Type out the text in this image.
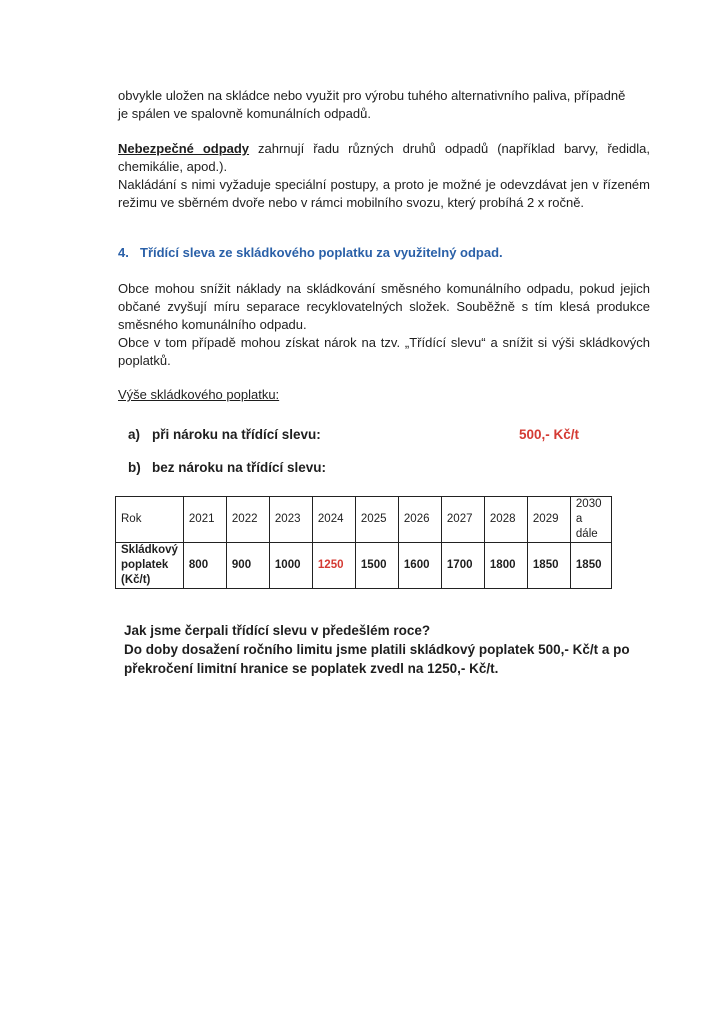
obvykle uložen na skládce nebo využit pro výrobu tuhého alternativního paliva, případně

je spálen ve spalovně komunálních odpadů.

Nebezpečné odpady zahrnují řadu různých druhů odpadů (například barvy, ředidla, chemikálie, apod.).

Nakládání s nimi vyžaduje speciální postupy, a proto je možné je odevzdávat jen v řízeném režimu ve sběrném dvoře nebo v rámci mobilního svozu, který probíhá 2 x ročně.

4. Třídící sleva ze skládkového poplatku za využitelný odpad.

Obce mohou snížit náklady na skládkování směsného komunálního odpadu, pokud jejich občané zvyšují míru separace recyklovatelných složek. Souběžně s tím klesá produkce směsného komunálního odpadu.

Obce v tom případě mohou získat nárok na tzv. „Třídící slevu“ a snížit si výši skládkových poplatků.

Výše skládkového poplatku:
a) při nároku na třídící slevu:	500,- Kč/t
b) bez nároku na třídící slevu:
Rok	2021	2022	2023	2024	2025	2026	2027	2028	2029	2030 a dále
Skládkový poplatek (Kč/t)	800	900	1000	1250	1500	1600	1700	1800	1850	1850

Jak jsme čerpali třídící slevu v předešlém roce?

Do doby dosažení ročního limitu jsme platili skládkový poplatek 500,- Kč/t a po překročení limitní hranice se poplatek zvedl na 1250,- Kč/t.
